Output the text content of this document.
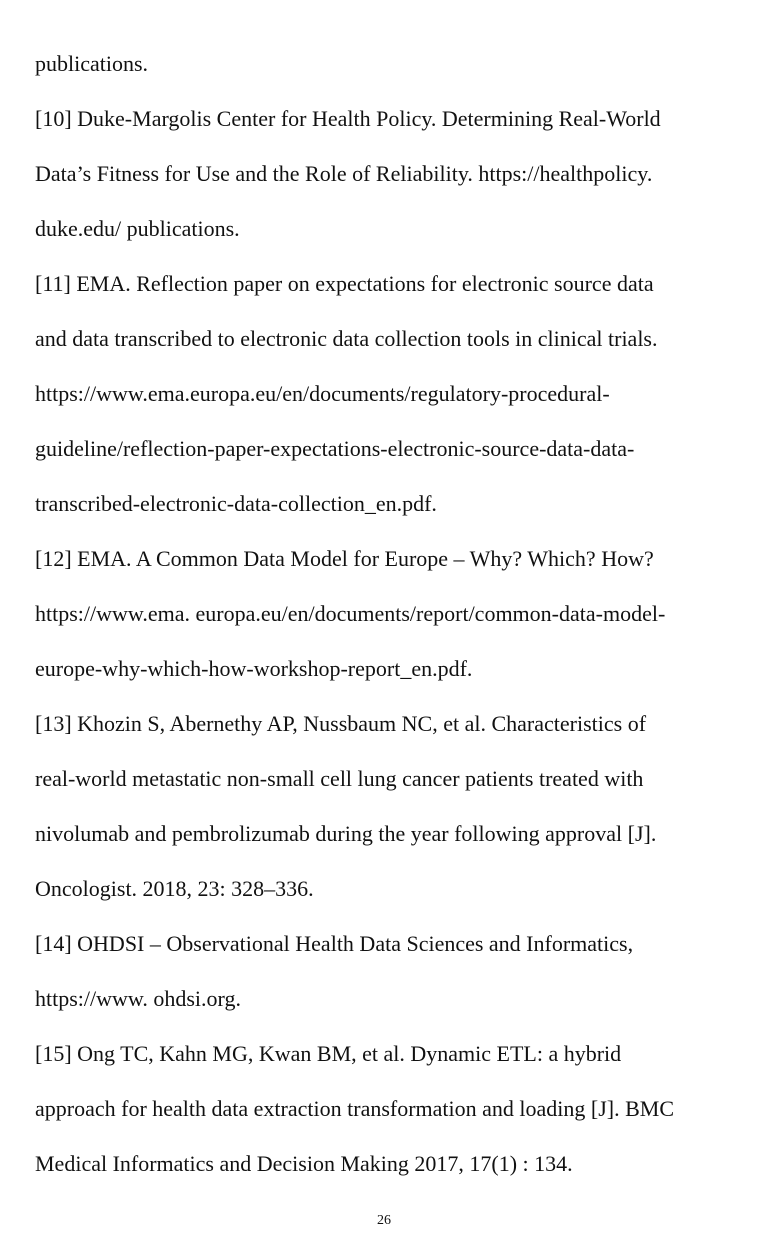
publications.
[10] Duke-Margolis Center for Health Policy. Determining Real-World
Data’s Fitness for Use and the Role of Reliability. https://healthpolicy.
duke.edu/ publications.
[11] EMA. Reflection paper on expectations for electronic source data
and data transcribed to electronic data collection tools in clinical trials.
https://www.ema.europa.eu/en/documents/regulatory-procedural-
guideline/reflection-paper-expectations-electronic-source-data-data-
transcribed-electronic-data-collection_en.pdf.
[12] EMA. A Common Data Model for Europe – Why? Which? How?
https://www.ema. europa.eu/en/documents/report/common-data-model-
europe-why-which-how-workshop-report_en.pdf.
[13] Khozin S, Abernethy AP, Nussbaum NC, et al. Characteristics of
real-world metastatic non-small cell lung cancer patients treated with
nivolumab and pembrolizumab during the year following approval [J].
Oncologist. 2018, 23: 328–336.
[14] OHDSI – Observational Health Data Sciences and Informatics,
https://www. ohdsi.org.
[15] Ong TC, Kahn MG, Kwan BM, et al. Dynamic ETL: a hybrid
approach for health data extraction transformation and loading [J]. BMC
Medical Informatics and Decision Making 2017, 17(1) : 134.
26
